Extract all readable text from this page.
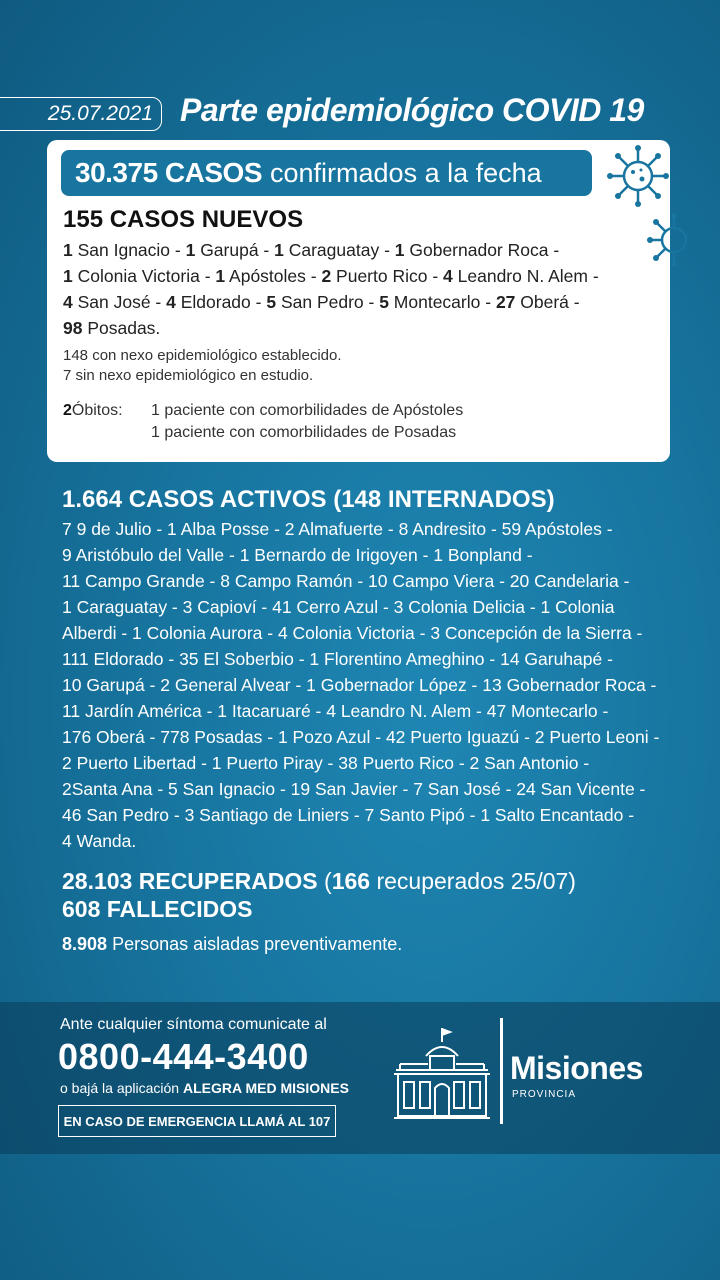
25.07.2021 Parte epidemiológico COVID 19
30.375 CASOS confirmados a la fecha
155 CASOS NUEVOS
1 San Ignacio - 1 Garupá - 1 Caraguatay - 1 Gobernador Roca -
1 Colonia Victoria - 1 Apóstoles - 2 Puerto Rico - 4 Leandro N. Alem -
4 San José - 4 Eldorado - 5 San Pedro - 5 Montecarlo - 27 Oberá -
98 Posadas.
148 con nexo epidemiológico establecido.
7 sin nexo epidemiológico en estudio.
2Óbitos:	1 paciente con comorbilidades de Apóstoles
1 paciente con comorbilidades de Posadas
1.664 CASOS ACTIVOS (148 INTERNADOS)
7 9 de Julio - 1 Alba Posse - 2 Almafuerte - 8 Andresito - 59 Apóstoles -
9 Aristóbulo del Valle - 1 Bernardo de Irigoyen - 1 Bonpland -
11 Campo Grande - 8 Campo Ramón - 10 Campo Viera - 20 Candelaria -
1 Caraguatay - 3 Capioví - 41 Cerro Azul - 3 Colonia Delicia - 1 Colonia
Alberdi - 1 Colonia Aurora - 4 Colonia Victoria - 3 Concepción de la Sierra -
111 Eldorado - 35 El Soberbio - 1 Florentino Ameghino - 14 Garuhapé -
10 Garupá - 2 General Alvear - 1 Gobernador López - 13 Gobernador Roca -
11 Jardín América - 1 Itacaruaré - 4 Leandro N. Alem - 47 Montecarlo -
176 Oberá - 778 Posadas - 1 Pozo Azul - 42 Puerto Iguazú - 2 Puerto Leoni -
2 Puerto Libertad - 1 Puerto Piray - 38 Puerto Rico - 2 San Antonio -
2Santa Ana - 5 San Ignacio - 19 San Javier - 7 San José - 24 San Vicente -
46 San Pedro - 3 Santiago de Liniers - 7 Santo Pipó - 1 Salto Encantado -
4 Wanda.
28.103 RECUPERADOS (166 recuperados 25/07)
608 FALLECIDOS
8.908 Personas aisladas preventivamente.
Ante cualquier síntoma comunicate al
0800-444-3400
o bajá la aplicación ALEGRA MED MISIONES
EN CASO DE EMERGENCIA LLAMÁ AL 107
Misiones
PROVINCIA
